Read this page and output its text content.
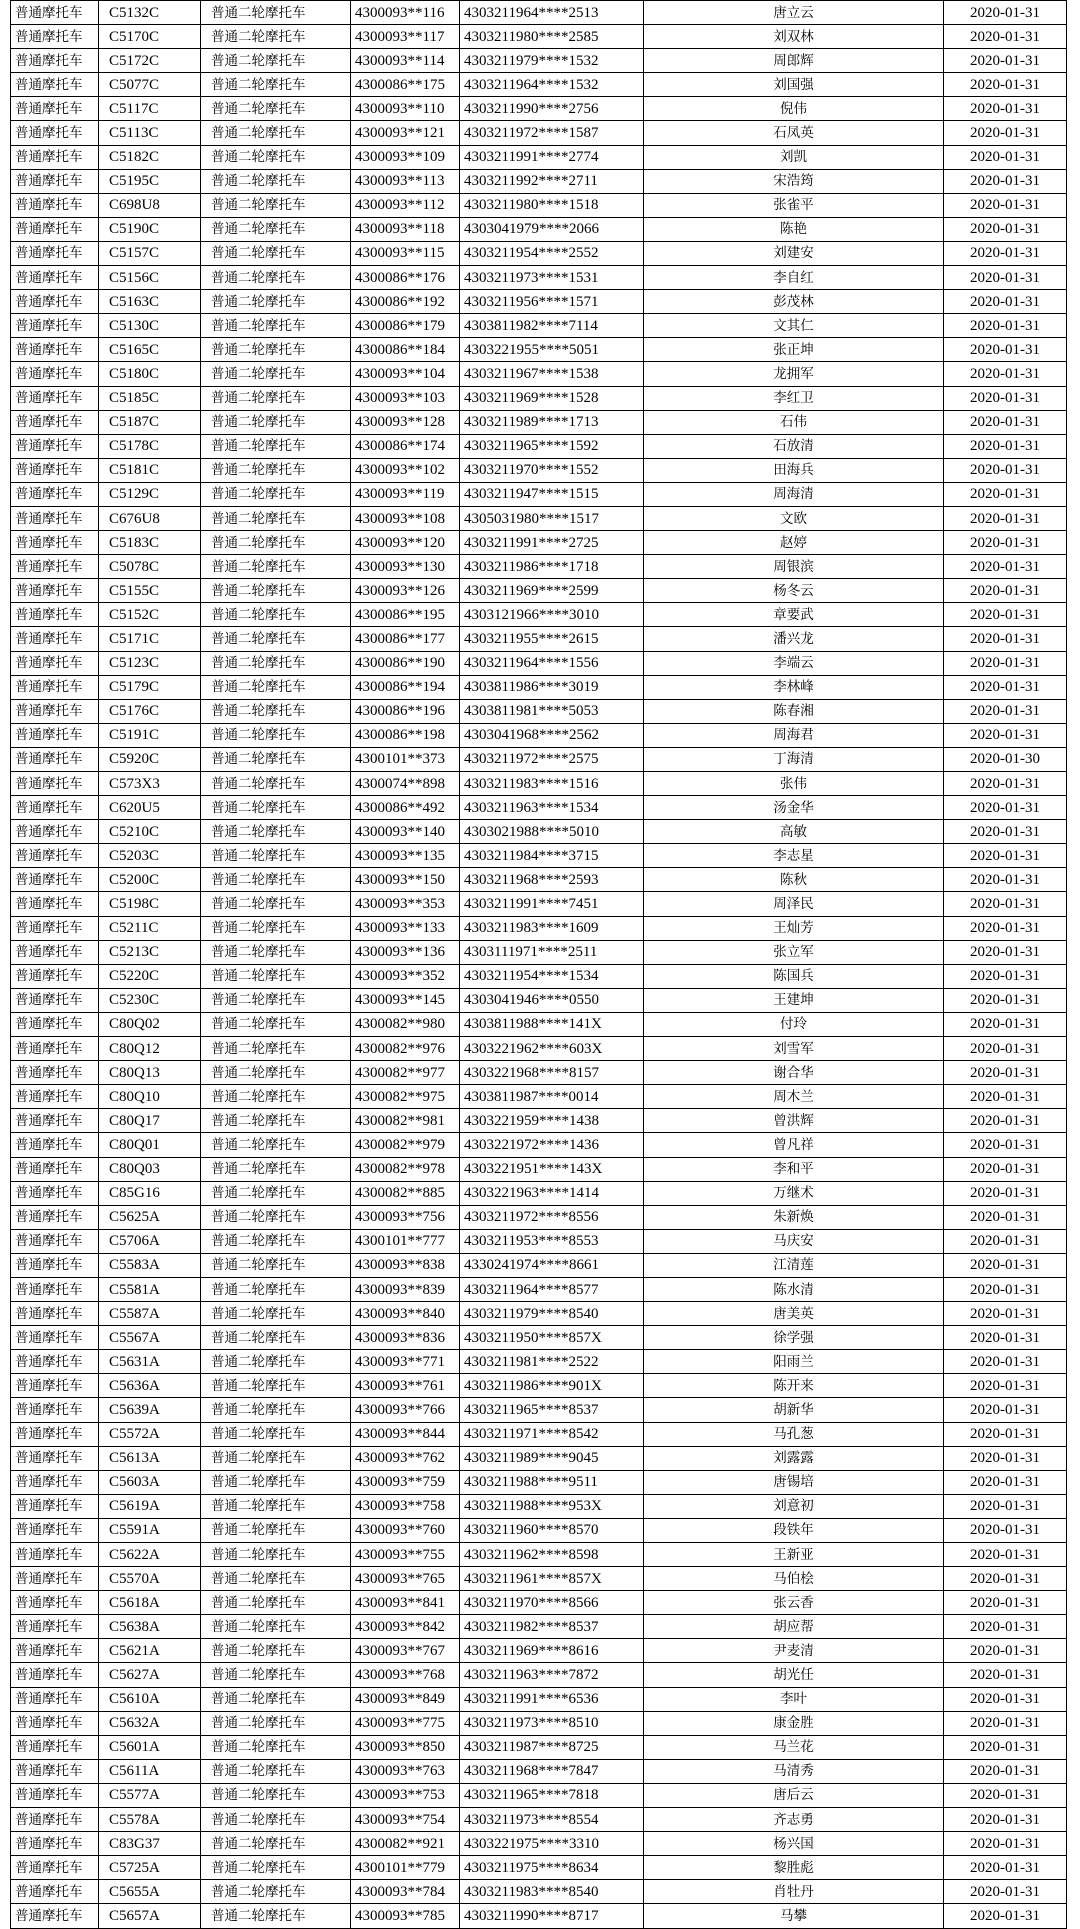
普通摩托车	C5132C	普通二轮摩托车	4300093**116	4303211964****2513	唐立云	2020-01-31
普通摩托车	C5170C	普通二轮摩托车	4300093**117	4303211980****2585	刘双林	2020-01-31
普通摩托车	C5172C	普通二轮摩托车	4300093**114	4303211979****1532	周郎辉	2020-01-31
普通摩托车	C5077C	普通二轮摩托车	4300086**175	4303211964****1532	刘国强	2020-01-31
普通摩托车	C5117C	普通二轮摩托车	4300093**110	4303211990****2756	倪伟	2020-01-31
普通摩托车	C5113C	普通二轮摩托车	4300093**121	4303211972****1587	石凤英	2020-01-31
普通摩托车	C5182C	普通二轮摩托车	4300093**109	4303211991****2774	刘凯	2020-01-31
普通摩托车	C5195C	普通二轮摩托车	4300093**113	4303211992****2711	宋浩筠	2020-01-31
普通摩托车	C698U8	普通二轮摩托车	4300093**112	4303211980****1518	张雀平	2020-01-31
普通摩托车	C5190C	普通二轮摩托车	4300093**118	4303041979****2066	陈艳	2020-01-31
普通摩托车	C5157C	普通二轮摩托车	4300093**115	4303211954****2552	刘建安	2020-01-31
普通摩托车	C5156C	普通二轮摩托车	4300086**176	4303211973****1531	李自红	2020-01-31
普通摩托车	C5163C	普通二轮摩托车	4300086**192	4303211956****1571	彭茂林	2020-01-31
普通摩托车	C5130C	普通二轮摩托车	4300086**179	4303811982****7114	文其仁	2020-01-31
普通摩托车	C5165C	普通二轮摩托车	4300086**184	4303221955****5051	张正坤	2020-01-31
普通摩托车	C5180C	普通二轮摩托车	4300093**104	4303211967****1538	龙拥军	2020-01-31
普通摩托车	C5185C	普通二轮摩托车	4300093**103	4303211969****1528	李红卫	2020-01-31
普通摩托车	C5187C	普通二轮摩托车	4300093**128	4303211989****1713	石伟	2020-01-31
普通摩托车	C5178C	普通二轮摩托车	4300086**174	4303211965****1592	石放清	2020-01-31
普通摩托车	C5181C	普通二轮摩托车	4300093**102	4303211970****1552	田海兵	2020-01-31
普通摩托车	C5129C	普通二轮摩托车	4300093**119	4303211947****1515	周海清	2020-01-31
普通摩托车	C676U8	普通二轮摩托车	4300093**108	4305031980****1517	文欧	2020-01-31
普通摩托车	C5183C	普通二轮摩托车	4300093**120	4303211991****2725	赵婷	2020-01-31
普通摩托车	C5078C	普通二轮摩托车	4300093**130	4303211986****1718	周银滨	2020-01-31
普通摩托车	C5155C	普通二轮摩托车	4300093**126	4303211969****2599	杨冬云	2020-01-31
普通摩托车	C5152C	普通二轮摩托车	4300086**195	4303121966****3010	章要武	2020-01-31
普通摩托车	C5171C	普通二轮摩托车	4300086**177	4303211955****2615	潘兴龙	2020-01-31
普通摩托车	C5123C	普通二轮摩托车	4300086**190	4303211964****1556	李端云	2020-01-31
普通摩托车	C5179C	普通二轮摩托车	4300086**194	4303811986****3019	李林峰	2020-01-31
普通摩托车	C5176C	普通二轮摩托车	4300086**196	4303811981****5053	陈春湘	2020-01-31
普通摩托车	C5191C	普通二轮摩托车	4300086**198	4303041968****2562	周海君	2020-01-31
普通摩托车	C5920C	普通二轮摩托车	4300101**373	4303211972****2575	丁海清	2020-01-30
普通摩托车	C573X3	普通二轮摩托车	4300074**898	4303211983****1516	张伟	2020-01-31
普通摩托车	C620U5	普通二轮摩托车	4300086**492	4303211963****1534	汤金华	2020-01-31
普通摩托车	C5210C	普通二轮摩托车	4300093**140	4303021988****5010	高敏	2020-01-31
普通摩托车	C5203C	普通二轮摩托车	4300093**135	4303211984****3715	李志星	2020-01-31
普通摩托车	C5200C	普通二轮摩托车	4300093**150	4303211968****2593	陈秋	2020-01-31
普通摩托车	C5198C	普通二轮摩托车	4300093**353	4303211991****7451	周泽民	2020-01-31
普通摩托车	C5211C	普通二轮摩托车	4300093**133	4303211983****1609	王灿芳	2020-01-31
普通摩托车	C5213C	普通二轮摩托车	4300093**136	4303111971****2511	张立军	2020-01-31
普通摩托车	C5220C	普通二轮摩托车	4300093**352	4303211954****1534	陈国兵	2020-01-31
普通摩托车	C5230C	普通二轮摩托车	4300093**145	4303041946****0550	王建坤	2020-01-31
普通摩托车	C80Q02	普通二轮摩托车	4300082**980	4303811988****141X	付玲	2020-01-31
普通摩托车	C80Q12	普通二轮摩托车	4300082**976	4303221962****603X	刘雪军	2020-01-31
普通摩托车	C80Q13	普通二轮摩托车	4300082**977	4303221968****8157	谢合华	2020-01-31
普通摩托车	C80Q10	普通二轮摩托车	4300082**975	4303811987****0014	周木兰	2020-01-31
普通摩托车	C80Q17	普通二轮摩托车	4300082**981	4303221959****1438	曾洪辉	2020-01-31
普通摩托车	C80Q01	普通二轮摩托车	4300082**979	4303221972****1436	曾凡祥	2020-01-31
普通摩托车	C80Q03	普通二轮摩托车	4300082**978	4303221951****143X	李和平	2020-01-31
普通摩托车	C85G16	普通二轮摩托车	4300082**885	4303221963****1414	万继术	2020-01-31
普通摩托车	C5625A	普通二轮摩托车	4300093**756	4303211972****8556	朱新焕	2020-01-31
普通摩托车	C5706A	普通二轮摩托车	4300101**777	4303211953****8553	马庆安	2020-01-31
普通摩托车	C5583A	普通二轮摩托车	4300093**838	4330241974****8661	江清莲	2020-01-31
普通摩托车	C5581A	普通二轮摩托车	4300093**839	4303211964****8577	陈水清	2020-01-31
普通摩托车	C5587A	普通二轮摩托车	4300093**840	4303211979****8540	唐美英	2020-01-31
普通摩托车	C5567A	普通二轮摩托车	4300093**836	4303211950****857X	徐学强	2020-01-31
普通摩托车	C5631A	普通二轮摩托车	4300093**771	4303211981****2522	阳雨兰	2020-01-31
普通摩托车	C5636A	普通二轮摩托车	4300093**761	4303211986****901X	陈开来	2020-01-31
普通摩托车	C5639A	普通二轮摩托车	4300093**766	4303211965****8537	胡新华	2020-01-31
普通摩托车	C5572A	普通二轮摩托车	4300093**844	4303211971****8542	马孔葱	2020-01-31
普通摩托车	C5613A	普通二轮摩托车	4300093**762	4303211989****9045	刘露露	2020-01-31
普通摩托车	C5603A	普通二轮摩托车	4300093**759	4303211988****9511	唐锡培	2020-01-31
普通摩托车	C5619A	普通二轮摩托车	4300093**758	4303211988****953X	刘意初	2020-01-31
普通摩托车	C5591A	普通二轮摩托车	4300093**760	4303211960****8570	段铁年	2020-01-31
普通摩托车	C5622A	普通二轮摩托车	4300093**755	4303211962****8598	王新亚	2020-01-31
普通摩托车	C5570A	普通二轮摩托车	4300093**765	4303211961****857X	马伯桧	2020-01-31
普通摩托车	C5618A	普通二轮摩托车	4300093**841	4303211970****8566	张云香	2020-01-31
普通摩托车	C5638A	普通二轮摩托车	4300093**842	4303211982****8537	胡应帮	2020-01-31
普通摩托车	C5621A	普通二轮摩托车	4300093**767	4303211969****8616	尹麦清	2020-01-31
普通摩托车	C5627A	普通二轮摩托车	4300093**768	4303211963****7872	胡光任	2020-01-31
普通摩托车	C5610A	普通二轮摩托车	4300093**849	4303211991****6536	李叶	2020-01-31
普通摩托车	C5632A	普通二轮摩托车	4300093**775	4303211973****8510	康金胜	2020-01-31
普通摩托车	C5601A	普通二轮摩托车	4300093**850	4303211987****8725	马兰花	2020-01-31
普通摩托车	C5611A	普通二轮摩托车	4300093**763	4303211968****7847	马清秀	2020-01-31
普通摩托车	C5577A	普通二轮摩托车	4300093**753	4303211965****7818	唐后云	2020-01-31
普通摩托车	C5578A	普通二轮摩托车	4300093**754	4303211973****8554	齐志勇	2020-01-31
普通摩托车	C83G37	普通二轮摩托车	4300082**921	4303221975****3310	杨兴国	2020-01-31
普通摩托车	C5725A	普通二轮摩托车	4300101**779	4303211975****8634	黎胜彪	2020-01-31
普通摩托车	C5655A	普通二轮摩托车	4300093**784	4303211983****8540	肖牡丹	2020-01-31
普通摩托车	C5657A	普通二轮摩托车	4300093**785	4303211990****8717	马攀	2020-01-31
